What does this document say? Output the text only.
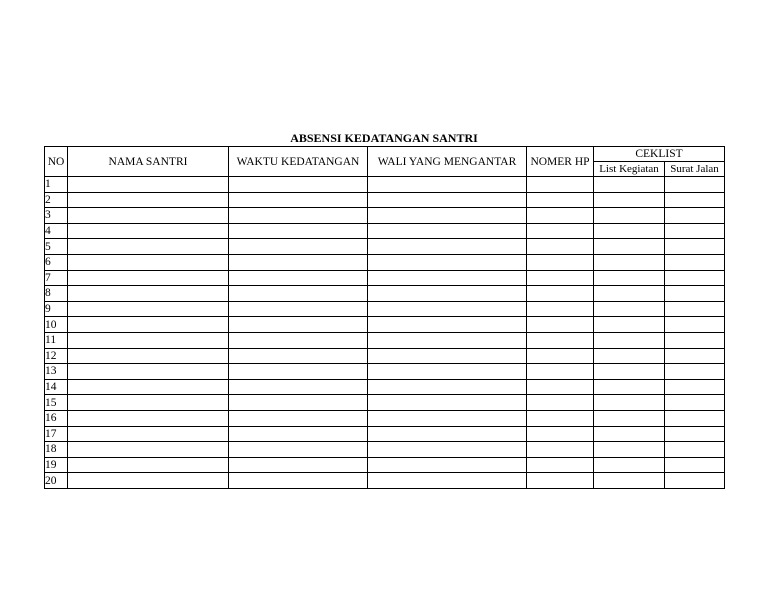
ABSENSI KEDATANGAN SANTRI
NO	NAMA SANTRI	WAKTU KEDATANGAN	WALI YANG MENGANTAR	NOMER HP	CEKLIST	
					List Kegiatan	Surat Jalan
1						
2						
3						
4						
5						
6						
7						
8						
9						
10						
11						
12						
13						
14						
15						
16						
17						
18						
19						
20						
